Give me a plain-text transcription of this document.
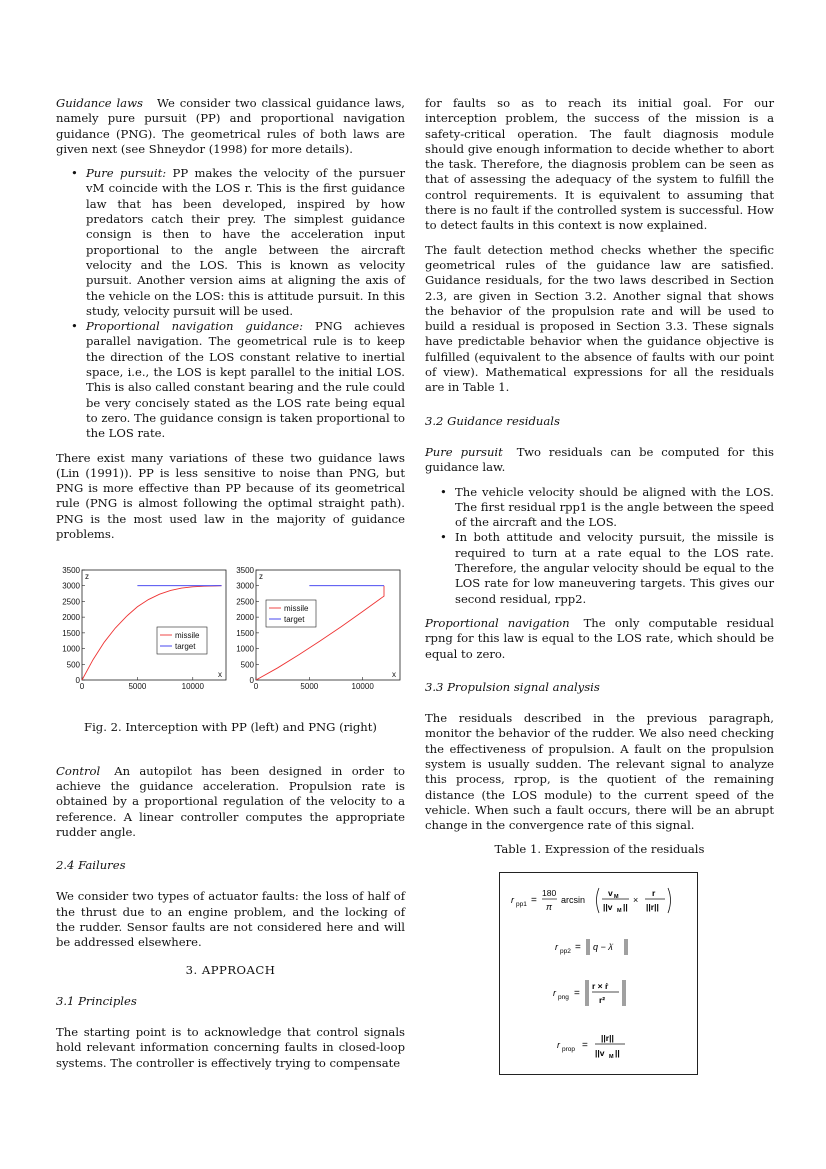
Guidance laws We consider two classical guidance laws, namely pure pursuit (PP) and proportional navigation guidance (PNG). The geometrical rules of both laws are given next (see Shneydor (1998) for more details).

• Pure pursuit: PP makes the velocity of the pursuer vM coincide with the LOS r. This is the first guidance law that has been developed, inspired by how predators catch their prey. The simplest guidance consign is then to have the acceleration input proportional to the angle between the aircraft velocity and the LOS. This is known as velocity pursuit. Another version aims at aligning the axis of the vehicle on the LOS: this is attitude pursuit. In this study, velocity pursuit will be used.
• Proportional navigation guidance: PNG achieves parallel navigation. The geometrical rule is to keep the direction of the LOS constant relative to inertial space, i.e., the LOS is kept parallel to the initial LOS. This is also called constant bearing and the rule could be very concisely stated as the LOS rate being equal to zero. The guidance consign is taken proportional to the LOS rate.

There exist many variations of these two guidance laws (Lin (1991)). PP is less sensitive to noise than PNG, but PNG is more effective than PP because of its geometrical rule (PNG is almost following the optimal straight path). PNG is the most used law in the majority of guidance problems.

0
500
1000
1500
2000
2500
3000
3500
0	5000	10000
z
x
missile
target
0
500
1000
1500
2000
2500
3000
3500
0	5000	10000
z
x
missile
target

Fig. 2. Interception with PP (left) and PNG (right)

Control An autopilot has been designed in order to achieve the guidance acceleration. Propulsion rate is obtained by a proportional regulation of the velocity to a reference. A linear controller computes the appropriate rudder angle.

2.4 Failures

We consider two types of actuator faults: the loss of half of the thrust due to an engine problem, and the locking of the rudder. Sensor faults are not considered here and will be addressed elsewhere.

3. APPROACH
3.1 Principles

The starting point is to acknowledge that control signals hold relevant information concerning faults in closed-loop systems. The controller is effectively trying to compensate

for faults so as to reach its initial goal. For our interception problem, the success of the mission is a safety-critical operation. The fault diagnosis module should give enough information to decide whether to abort the task. Therefore, the diagnosis problem can be seen as that of assessing the adequacy of the system to fulfill the control requirements. It is equivalent to assuming that there is no fault if the controlled system is successful. How to detect faults in this context is now explained.

The fault detection method checks whether the specific geometrical rules of the guidance law are satisfied. Guidance residuals, for the two laws described in Section 2.3, are given in Section 3.2. Another signal that shows the behavior of the propulsion rate and will be used to build a residual is proposed in Section 3.3. These signals have predictable behavior when the guidance objective is fulfilled (equivalent to the absence of faults with our point of view). Mathematical expressions for all the residuals are in Table 1.

3.2 Guidance residuals

Pure pursuit Two residuals can be computed for this guidance law.

• The vehicle velocity should be aligned with the LOS. The first residual rpp1 is the angle between the speed of the aircraft and the LOS.
• In both attitude and velocity pursuit, the missile is required to turn at a rate equal to the LOS rate. Therefore, the angular velocity should be equal to the LOS rate for low maneuvering targets. This gives our second residual, rpp2.

Proportional navigation The only computable residual rpng for this law is equal to the LOS rate, which should be equal to zero.

3.3 Propulsion signal analysis

The residuals described in the previous paragraph, monitor the behavior of the rudder. We also need checking the effectiveness of propulsion. A fault on the propulsion system is usually sudden. The relevant signal to analyze this process, rprop, is the quotient of the remaining distance (the LOS module) to the current speed of the vehicle. When such a fault occurs, there will be an abrupt change in the convergence rate of this signal.

Table 1. Expression of the residuals
r pp1 =
180
π
arcsin
v M
||v M ||
×
r
||r||
r pp2 = q − λ̇
r png =
r × ṙ
r²
r prop =
||r||
||v M ||
